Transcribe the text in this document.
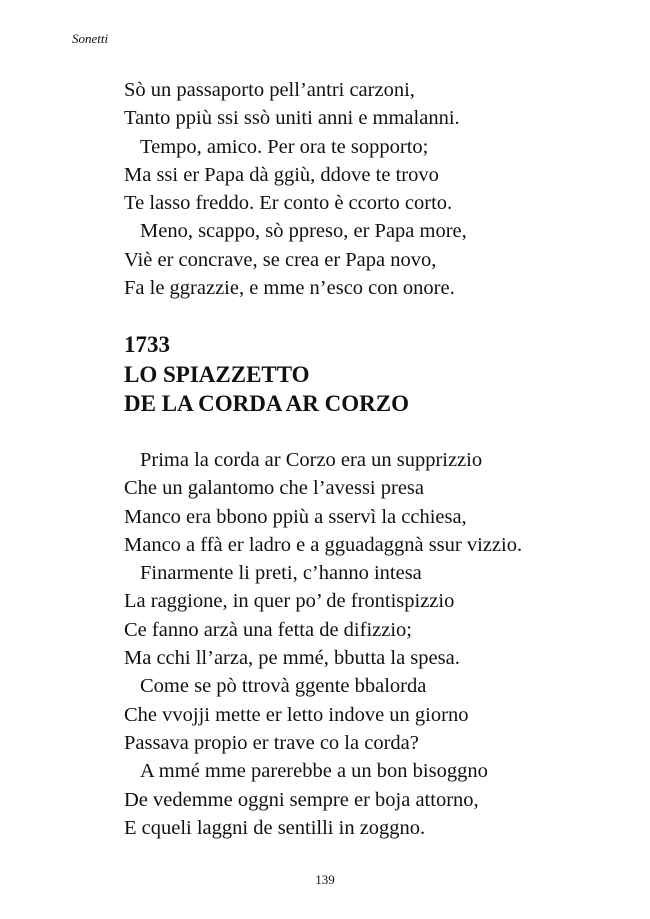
Sonetti
Sò un passaporto pell’antri carzoni,
Tanto ppiù ssi ssò uniti anni e mmalanni.
Tempo, amico. Per ora te sopporto;
Ma ssi er Papa dà ggiù, ddove te trovo
Te lasso freddo. Er conto è ccorto corto.
Meno, scappo, sò ppreso, er Papa more,
Viè er concrave, se crea er Papa novo,
Fa le ggrazzie, e mme n’esco con onore.
1733
LO SPIAZZETTO
DE LA CORDA AR CORZO
Prima la corda ar Corzo era un supprizzio
Che un galantomo che l’avessi presa
Manco era bbono ppiù a sservì la cchiesa,
Manco a ffà er ladro e a gguadaggnà ssur vizzio.
Finarmente li preti, c’hanno intesa
La raggione, in quer po’ de frontispizzio
Ce fanno arzà una fetta de difizzio;
Ma cchi ll’arza, pe mmé, bbutta la spesa.
Come se pò ttrovà ggente bbalorda
Che vvojji mette er letto indove un giorno
Passava propio er trave co la corda?
A mmé mme parerebbe a un bon bisoggno
De vedemme oggni sempre er boja attorno,
E cqueli laggni de sentilli in zoggno.
139
